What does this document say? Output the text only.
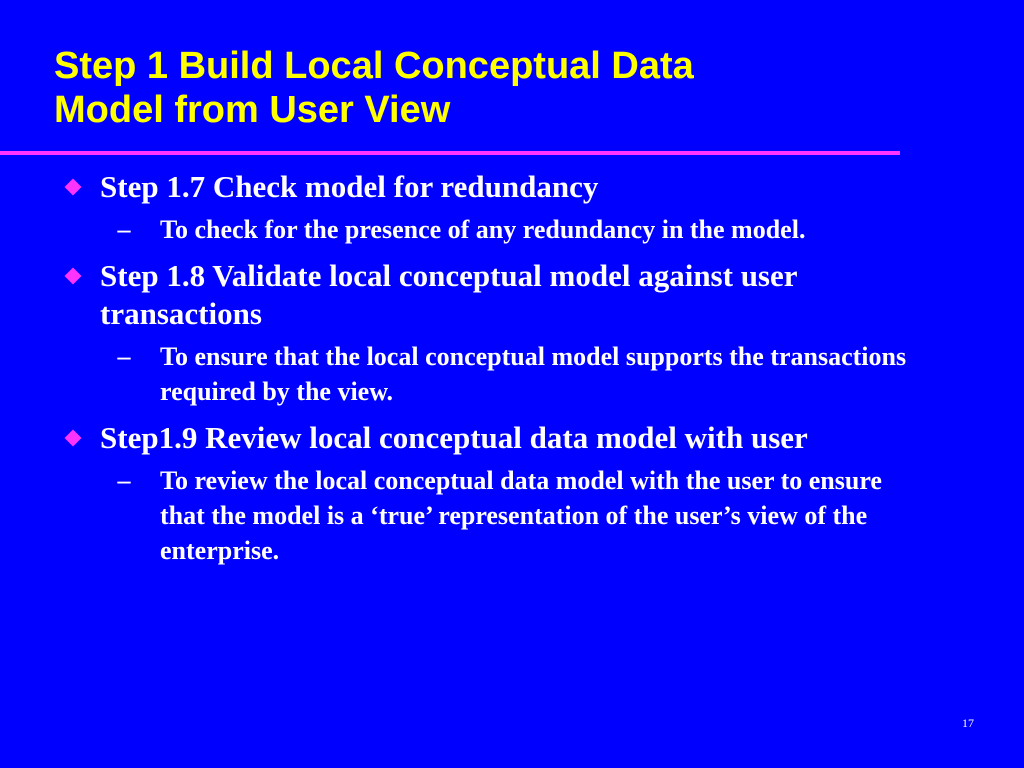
Step 1 Build Local Conceptual Data
Model from User View
Step 1.7 Check model for redundancy
– To check for the presence of any redundancy in the model.
Step 1.8 Validate local conceptual model against user transactions
– To ensure that the local conceptual model supports the transactions required by the view.
Step1.9 Review local conceptual data model with user
– To review the local conceptual data model with the user to ensure that the model is a ‘true’ representation of the user’s view of the enterprise.
17
